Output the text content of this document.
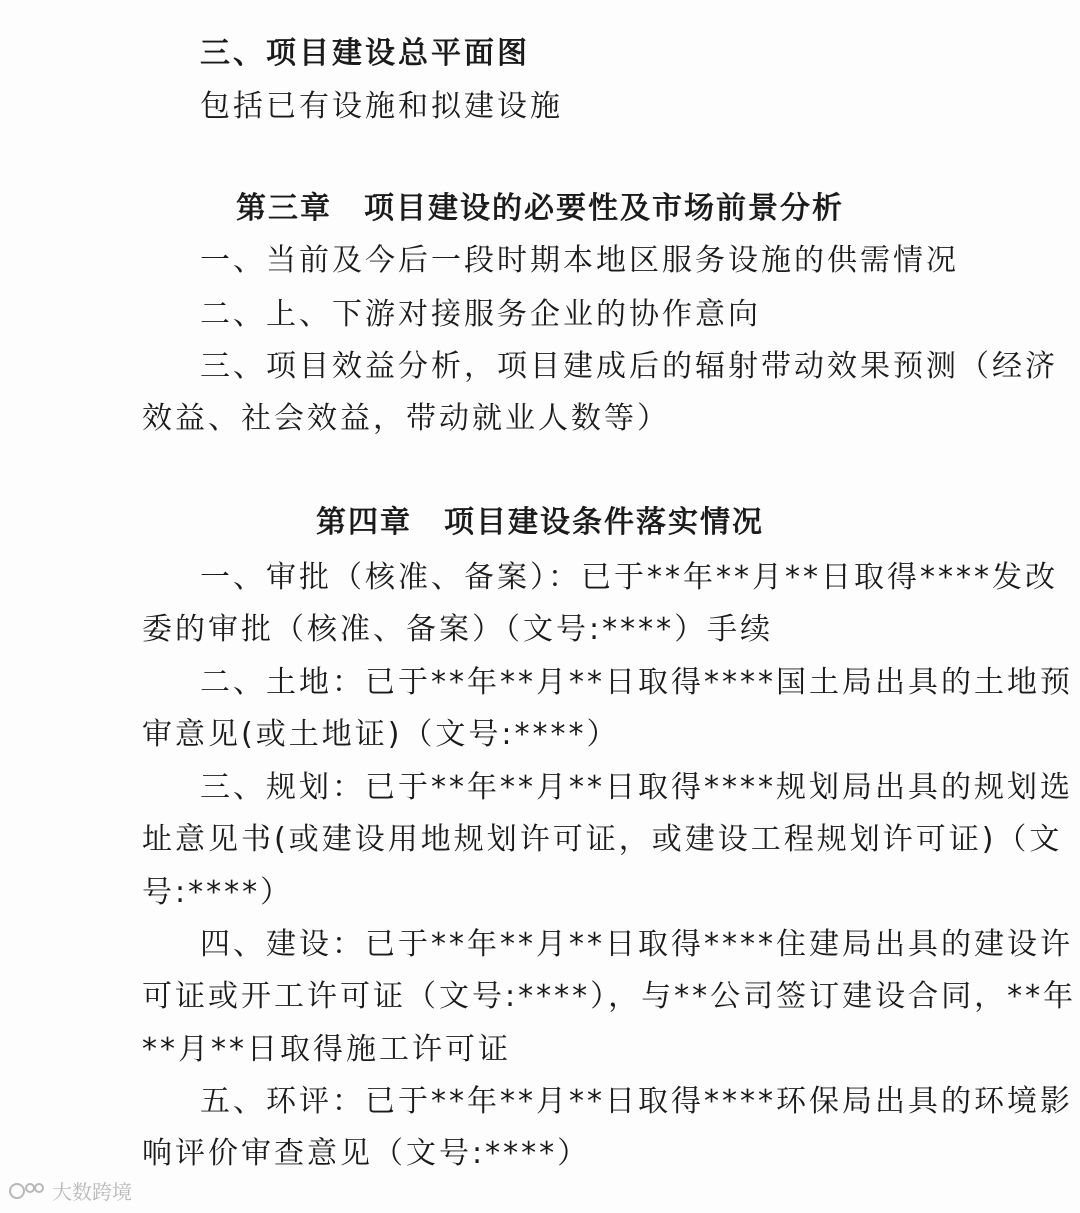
三、项目建设总平面图
包括已有设施和拟建设施
第三章　项目建设的必要性及市场前景分析
一、当前及今后一段时期本地区服务设施的供需情况
二、上、下游对接服务企业的协作意向
三、项目效益分析，项目建成后的辐射带动效果预测（经济
效益、社会效益，带动就业人数等）
第四章　项目建设条件落实情况
一、审批（核准、备案）：已于**年**月**日取得****发改
委的审批（核准、备案）（文号:****）手续
二、土地：已于**年**月**日取得****国土局出具的土地预
审意见(或土地证)（文号:****）
三、规划：已于**年**月**日取得****规划局出具的规划选
址意见书(或建设用地规划许可证，或建设工程规划许可证)（文
号:****）
四、建设：已于**年**月**日取得****住建局出具的建设许
可证或开工许可证（文号:****），与**公司签订建设合同，**年
**月**日取得施工许可证
五、环评：已于**年**月**日取得****环保局出具的环境影
响评价审查意见（文号:****）
大数跨境
